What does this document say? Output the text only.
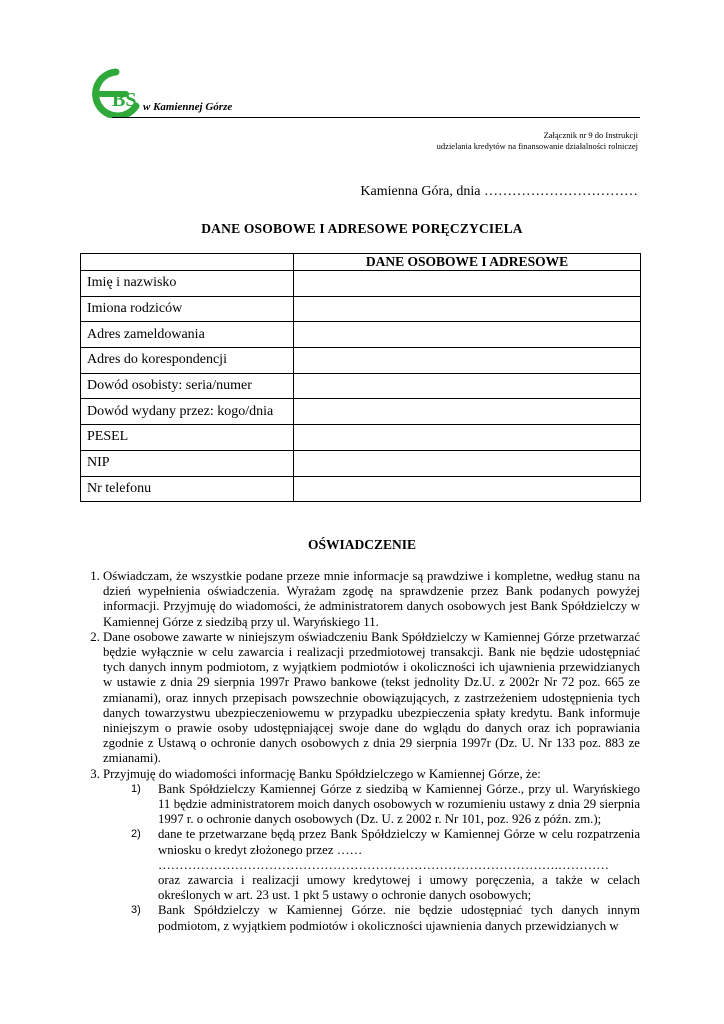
BS w Kamiennej Górze
Załącznik nr 9 do Instrukcji
udzielania kredytów na finansowanie działalności rolniczej
Kamienna Góra, dnia ……………………………
DANE OSOBOWE I ADRESOWE PORĘCZYCIELA
	DANE OSOBOWE I ADRESOWE
Imię i nazwisko	
Imiona rodziców	
Adres zameldowania	
Adres do korespondencji	
Dowód osobisty: seria/numer	
Dowód wydany przez: kogo/dnia	
PESEL	
NIP	
Nr telefonu	
OŚWIADCZENIE
1. Oświadczam, że wszystkie podane przeze mnie informacje są prawdziwe i kompletne, według stanu na dzień wypełnienia oświadczenia. Wyrażam zgodę na sprawdzenie przez Bank podanych powyżej informacji. Przyjmuję do wiadomości, że administratorem danych osobowych jest Bank Spółdzielczy w Kamiennej Górze z siedzibą przy ul. Waryńskiego 11.
2. Dane osobowe zawarte w niniejszym oświadczeniu Bank Spółdzielczy w Kamiennej Górze przetwarzać będzie wyłącznie w celu zawarcia i realizacji przedmiotowej transakcji. Bank nie będzie udostępniać tych danych innym podmiotom, z wyjątkiem podmiotów i okoliczności ich ujawnienia przewidzianych w ustawie z dnia 29 sierpnia 1997r Prawo bankowe (tekst jednolity Dz.U. z 2002r Nr 72 poz. 665 ze zmianami), oraz innych przepisach powszechnie obowiązujących, z zastrzeżeniem udostępnienia tych danych towarzystwu ubezpieczeniowemu w przypadku ubezpieczenia spłaty kredytu. Bank informuje niniejszym o prawie osoby udostępniającej swoje dane do wglądu do danych oraz ich poprawiania zgodnie z Ustawą o ochronie danych osobowych z dnia 29 sierpnia 1997r (Dz. U. Nr 133 poz. 883 ze zmianami).
3. Przyjmuję do wiadomości informację Banku Spółdzielczego w Kamiennej Górze, że:
1) Bank Spółdzielczy Kamiennej Górze z siedzibą w Kamiennej Górze., przy ul. Waryńskiego 11 będzie administratorem moich danych osobowych w rozumieniu ustawy z dnia 29 sierpnia 1997 r. o ochronie danych osobowych (Dz. U. z 2002 r. Nr 101, poz. 926 z późn. zm.);
2) dane te przetwarzane będą przez Bank Spółdzielczy w Kamiennej Górze w celu rozpatrzenia wniosku o kredyt złożonego przez ……
………………………………………………………………………………….…………
oraz zawarcia i realizacji umowy kredytowej i umowy poręczenia, a także w celach określonych w art. 23 ust. 1 pkt 5 ustawy o ochronie danych osobowych;
3) Bank Spółdzielczy w Kamiennej Górze. nie będzie udostępniać tych danych innym podmiotom, z wyjątkiem podmiotów i okoliczności ujawnienia danych przewidzianych w
